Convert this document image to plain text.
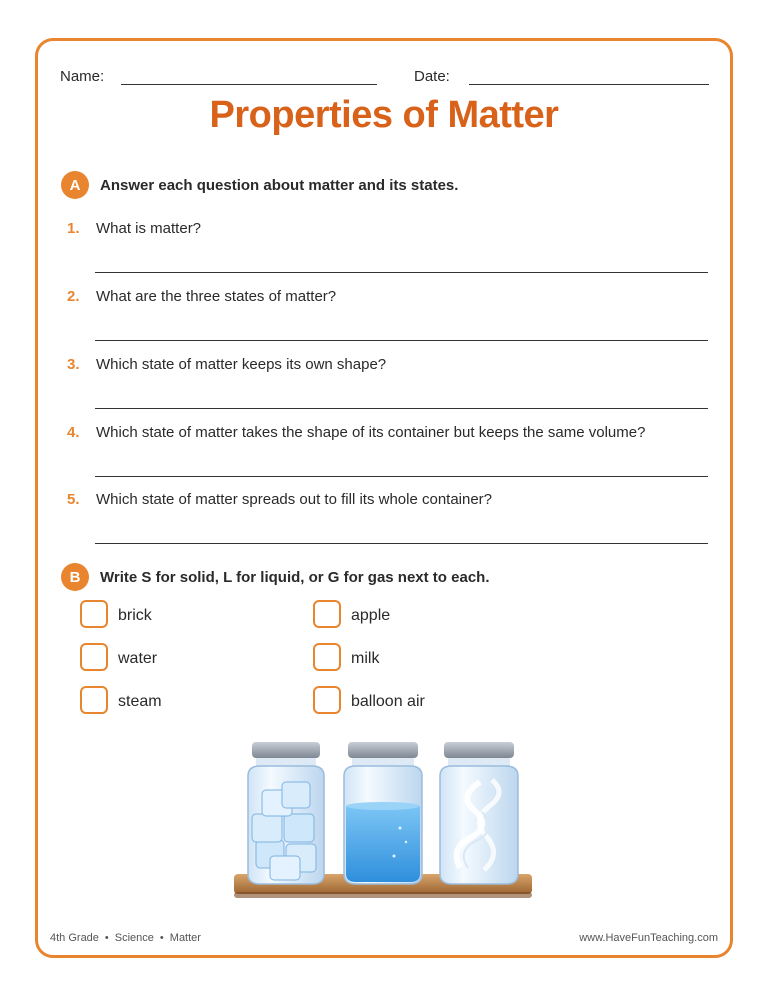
Name:	Date:
Properties of Matter
A	Answer each question about matter and its states.
1. What is matter?
2. What are the three states of matter?
3. Which state of matter keeps its own shape?
4. Which state of matter takes the shape of its container but keeps the same volume?
5. Which state of matter spreads out to fill its whole container?
B	Write S for solid, L for liquid, or G for gas next to each.
brick	apple
water	milk
steam	balloon air
4th Grade • Science • Matter	www.HaveFunTeaching.com
